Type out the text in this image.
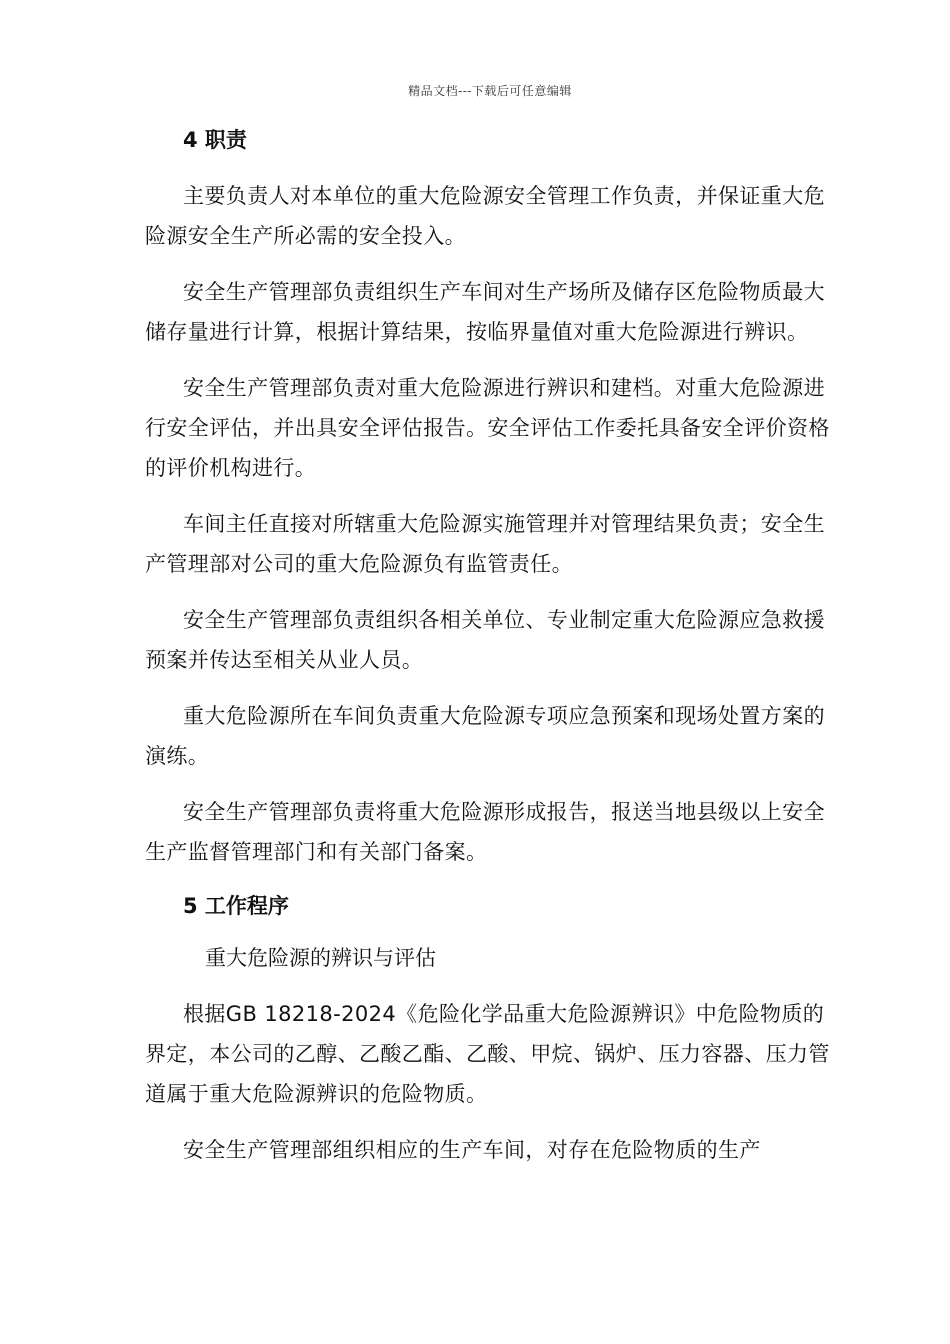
精品文档---下载后可任意编辑

4 职责

主要负责人对本单位的重大危险源安全管理工作负责，并保证重大危险源安全生产所必需的安全投入。

安全生产管理部负责组织生产车间对生产场所及储存区危险物质最大储存量进行计算，根据计算结果，按临界量值对重大危险源进行辨识。

安全生产管理部负责对重大危险源进行辨识和建档。对重大危险源进行安全评估，并出具安全评估报告。安全评估工作委托具备安全评价资格的评价机构进行。

车间主任直接对所辖重大危险源实施管理并对管理结果负责；安全生产管理部对公司的重大危险源负有监管责任。

安全生产管理部负责组织各相关单位、专业制定重大危险源应急救援预案并传达至相关从业人员。

重大危险源所在车间负责重大危险源专项应急预案和现场处置方案的演练。

安全生产管理部负责将重大危险源形成报告，报送当地县级以上安全生产监督管理部门和有关部门备案。

5 工作程序

重大危险源的辨识与评估

根据GB 18218-2024《危险化学品重大危险源辨识》中危险物质的界定，本公司的乙醇、乙酸乙酯、乙酸、甲烷、锅炉、压力容器、压力管道属于重大危险源辨识的危险物质。

安全生产管理部组织相应的生产车间，对存在危险物质的生产
